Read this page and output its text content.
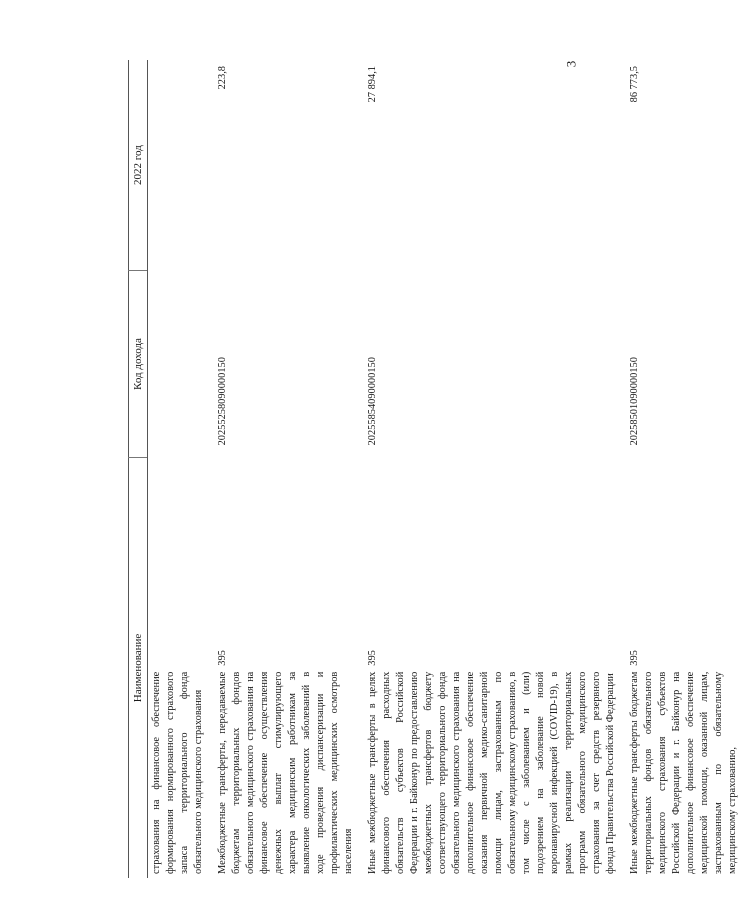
3
Наименование		Код дохода	2022 год
страхования на финансовое обеспечение формирования нормированного страхового запаса территориального фонда обязательного медицинского страхования			
Межбюджетные трансферты, передаваемые бюджетам территориальных фондов обязательного медицинского страхования на финансовое обеспечение осуществления денежных выплат стимулирующего характера медицинским работникам за выявление онкологических заболеваний в ходе проведения диспансеризации и профилактических медицинских осмотров населения	395	20255258090000150	223,8
Иные межбюджетные трансферты в целях финансового обеспечения расходных обязательств субъектов Российской Федерации и г. Байконур по предоставлению межбюджетных трансфертов бюджету соответствующего территориального фонда обязательного медицинского страхования на дополнительное финансовое обеспечение оказания первичной медико-санитарной помощи лицам, застрахованным по обязательному медицинскому страхованию, в том числе с заболеванием и (или) подозрением на заболевание новой коронавирусной инфекцией (COVID-19), в рамках реализации территориальных программ обязательного медицинского страхования за счет средств резервного фонда Правительства Российской Федерации	395	20255854090000150	27 894,1
Иные межбюджетные трансферты бюджетам территориальных фондов обязательного медицинского страхования субъектов Российской Федерации и г. Байконур на дополнительное финансовое обеспечение медицинской помощи, оказанной лицам, застрахованным по обязательному медицинскому страхованию,	395	20258501090000150	86 773,5
